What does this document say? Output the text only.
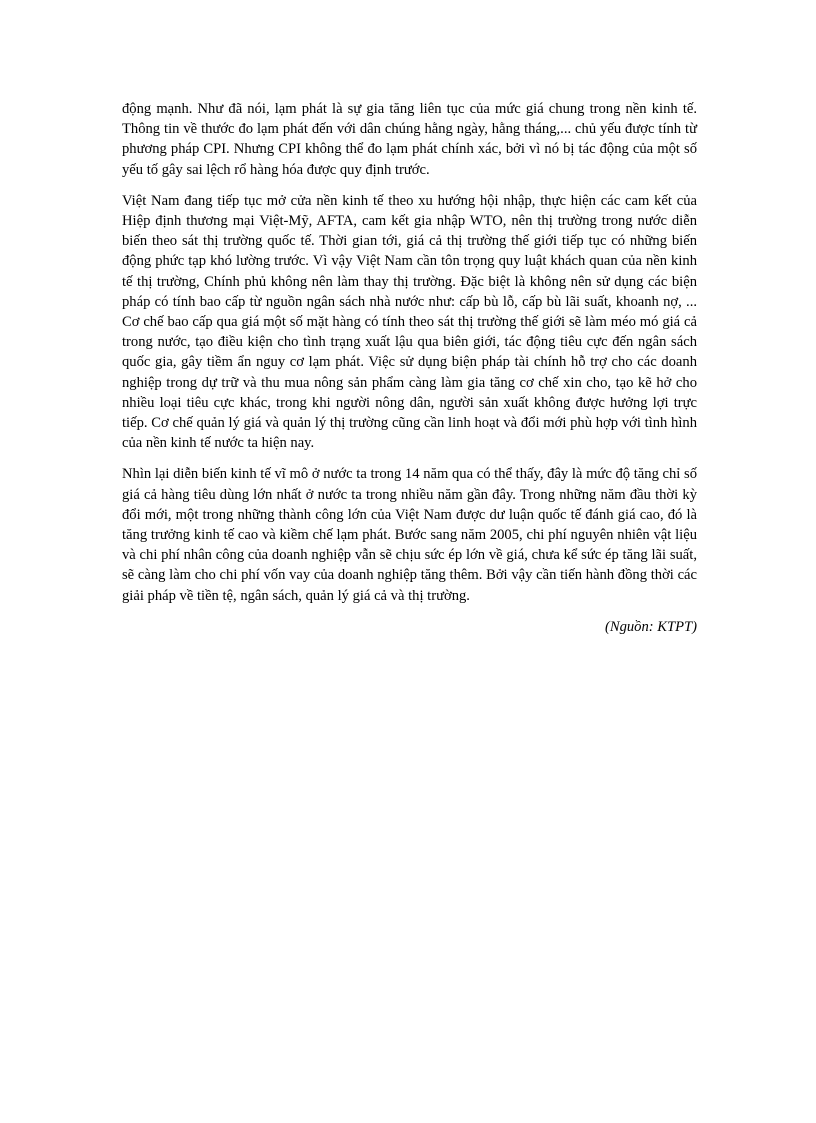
động mạnh. Như đã nói, lạm phát là sự gia tăng liên tục của mức giá chung trong nền kinh tế. Thông tin về thước đo lạm phát đến với dân chúng hằng ngày, hằng tháng,... chủ yếu được tính từ phương pháp CPI. Nhưng CPI không thể đo lạm phát chính xác, bởi vì nó bị tác động của một số yếu tố gây sai lệch rổ hàng hóa được quy định trước.

Việt Nam đang tiếp tục mở cửa nền kinh tế theo xu hướng hội nhập, thực hiện các cam kết của Hiệp định thương mại Việt-Mỹ, AFTA, cam kết gia nhập WTO, nên thị trường trong nước diễn biến theo sát thị trường quốc tế. Thời gian tới, giá cả thị trường thế giới tiếp tục có những biến động phức tạp khó lường trước. Vì vậy Việt Nam cần tôn trọng quy luật khách quan của nền kinh tế thị trường, Chính phủ không nên làm thay thị trường. Đặc biệt là không nên sử dụng các biện pháp có tính bao cấp từ nguồn ngân sách nhà nước như: cấp bù lỗ, cấp bù lãi suất, khoanh nợ, ... Cơ chế bao cấp qua giá một số mặt hàng có tính theo sát thị trường thế giới sẽ làm méo mó giá cả trong nước, tạo điều kiện cho tình trạng xuất lậu qua biên giới, tác động tiêu cực đến ngân sách quốc gia, gây tiềm ẩn nguy cơ lạm phát. Việc sử dụng biện pháp tài chính hỗ trợ cho các doanh nghiệp trong dự trữ và thu mua nông sản phẩm càng làm gia tăng cơ chế xin cho, tạo kẽ hở cho nhiều loại tiêu cực khác, trong khi người nông dân, người sản xuất không được hưởng lợi trực tiếp. Cơ chế quản lý giá và quản lý thị trường cũng cần linh hoạt và đổi mới phù hợp với tình hình của nền kinh tế nước ta hiện nay.

Nhìn lại diễn biến kinh tế vĩ mô ở nước ta trong 14 năm qua có thể thấy, đây là mức độ tăng chỉ số giá cả hàng tiêu dùng lớn nhất ở nước ta trong nhiều năm gần đây. Trong những năm đầu thời kỳ đổi mới, một trong những thành công lớn của Việt Nam được dư luận quốc tế đánh giá cao, đó là tăng trưởng kinh tế cao và kiềm chế lạm phát. Bước sang năm 2005, chi phí nguyên nhiên vật liệu và chi phí nhân công của doanh nghiệp vẫn sẽ chịu sức ép lớn về giá, chưa kể sức ép tăng lãi suất, sẽ càng làm cho chi phí vốn vay của doanh nghiệp tăng thêm. Bởi vậy cần tiến hành đồng thời các giải pháp về tiền tệ, ngân sách, quản lý giá cả và thị trường.

(Nguồn: KTPT)
